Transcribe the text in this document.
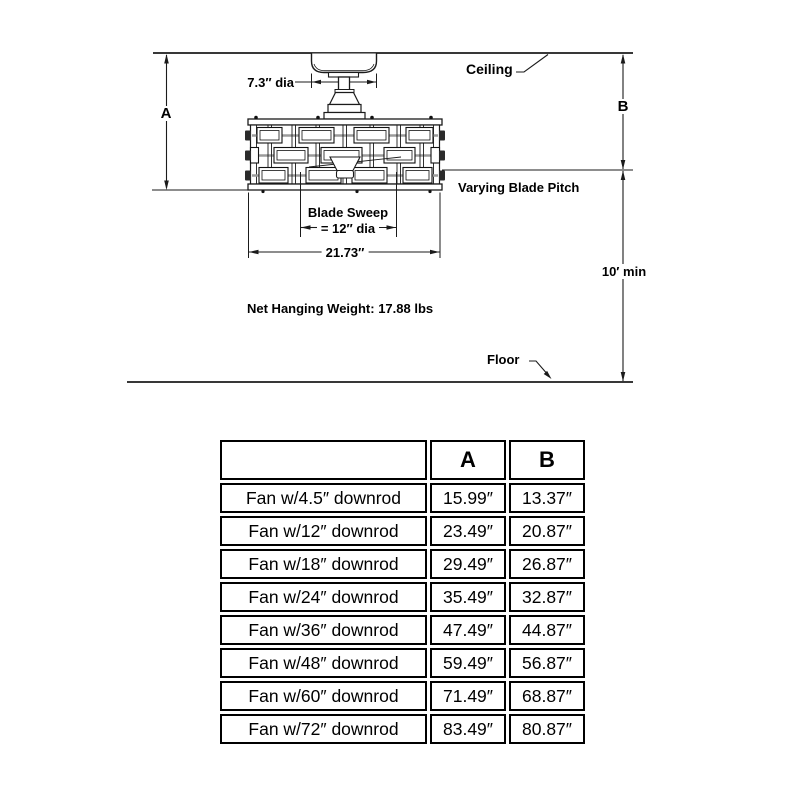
Ceiling
7.3″ dia
A	B
Varying Blade Pitch
Blade Sweep
= 12″ dia
21.73″
10′ min
Net Hanging Weight: 17.88 lbs
Floor
	A	B
Fan w/4.5″ downrod	15.99″	13.37″
Fan w/12″ downrod	23.49″	20.87″
Fan w/18″ downrod	29.49″	26.87″
Fan w/24″ downrod	35.49″	32.87″
Fan w/36″ downrod	47.49″	44.87″
Fan w/48″ downrod	59.49″	56.87″
Fan w/60″ downrod	71.49″	68.87″
Fan w/72″ downrod	83.49″	80.87″
